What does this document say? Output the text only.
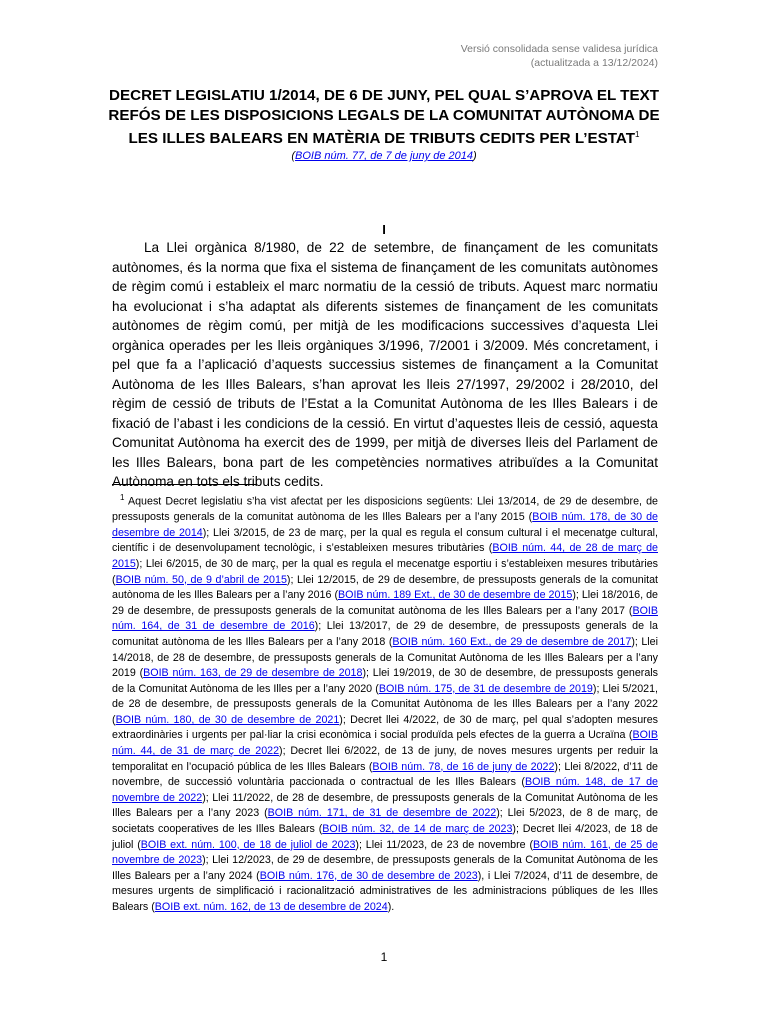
Versió consolidada sense validesa jurídica
(actualitzada a 13/12/2024)
DECRET LEGISLATIU 1/2014, DE 6 DE JUNY, PEL QUAL S’APROVA EL TEXT REFÓS DE LES DISPOSICIONS LEGALS DE LA COMUNITAT AUTÒNOMA DE LES ILLES BALEARS EN MATÈRIA DE TRIBUTS CEDITS PER L’ESTAT$^1$
(BOIB núm. 77, de 7 de juny de 2014)
I
La Llei orgànica 8/1980, de 22 de setembre, de finançament de les comunitats autònomes, és la norma que fixa el sistema de finançament de les comunitats autònomes de règim comú i estableix el marc normatiu de la cessió de tributs. Aquest marc normatiu ha evolucionat i s’ha adaptat als diferents sistemes de finançament de les comunitats autònomes de règim comú, per mitjà de les modificacions successives d’aquesta Llei orgànica operades per les lleis orgàniques 3/1996, 7/2001 i 3/2009. Més concretament, i pel que fa a l’aplicació d’aquests successius sistemes de finançament a la Comunitat Autònoma de les Illes Balears, s’han aprovat les lleis 27/1997, 29/2002 i 28/2010, del règim de cessió de tributs de l’Estat a la Comunitat Autònoma de les Illes Balears i de fixació de l’abast i les condicions de la cessió. En virtut d’aquestes lleis de cessió, aquesta Comunitat Autònoma ha exercit des de 1999, per mitjà de diverses lleis del Parlament de les Illes Balears, bona part de les competències normatives atribuïdes a la Comunitat Autònoma en tots els tributs cedits.
$^1$ Aquest Decret legislatiu s’ha vist afectat per les disposicions següents: Llei 13/2014, de 29 de desembre, de pressuposts generals de la comunitat autònoma de les Illes Balears per a l’any 2015 (BOIB núm. 178, de 30 de desembre de 2014); Llei 3/2015, de 23 de març, per la qual es regula el consum cultural i el mecenatge cultural, científic i de desenvolupament tecnològic, i s’estableixen mesures tributàries (BOIB núm. 44, de 28 de març de 2015); Llei 6/2015, de 30 de març, per la qual es regula el mecenatge esportiu i s’estableixen mesures tributàries (BOIB núm. 50, de 9 d’abril de 2015); Llei 12/2015, de 29 de desembre, de pressuposts generals de la comunitat autònoma de les Illes Balears per a l’any 2016 (BOIB núm. 189 Ext., de 30 de desembre de 2015); Llei 18/2016, de 29 de desembre, de pressuposts generals de la comunitat autònoma de les Illes Balears per a l’any 2017 (BOIB núm. 164, de 31 de desembre de 2016); Llei 13/2017, de 29 de desembre, de pressuposts generals de la comunitat autònoma de les Illes Balears per a l’any 2018 (BOIB núm. 160 Ext., de 29 de desembre de 2017); Llei 14/2018, de 28 de desembre, de pressuposts generals de la Comunitat Autònoma de les Illes Balears per a l’any 2019 (BOIB núm. 163, de 29 de desembre de 2018); Llei 19/2019, de 30 de desembre, de pressuposts generals de la Comunitat Autònoma de les Illes per a l’any 2020 (BOIB núm. 175, de 31 de desembre de 2019); Llei 5/2021, de 28 de desembre, de pressuposts generals de la Comunitat Autònoma de les Illes Balears per a l’any 2022 (BOIB núm. 180, de 30 de desembre de 2021); Decret llei 4/2022, de 30 de març, pel qual s’adopten mesures extraordinàries i urgents per pal·liar la crisi econòmica i social produïda pels efectes de la guerra a Ucraïna (BOIB núm. 44, de 31 de març de 2022); Decret llei 6/2022, de 13 de juny, de noves mesures urgents per reduir la temporalitat en l’ocupació pública de les Illes Balears (BOIB núm. 78, de 16 de juny de 2022); Llei 8/2022, d’11 de novembre, de successió voluntària paccionada o contractual de les Illes Balears (BOIB núm. 148, de 17 de novembre de 2022); Llei 11/2022, de 28 de desembre, de pressuposts generals de la Comunitat Autònoma de les Illes Balears per a l’any 2023 (BOIB núm. 171, de 31 de desembre de 2022); Llei 5/2023, de 8 de març, de societats cooperatives de les Illes Balears (BOIB núm. 32, de 14 de març de 2023); Decret llei 4/2023, de 18 de juliol (BOIB ext. núm. 100, de 18 de juliol de 2023); Llei 11/2023, de 23 de novembre (BOIB núm. 161, de 25 de novembre de 2023); Llei 12/2023, de 29 de desembre, de pressuposts generals de la Comunitat Autònoma de les Illes Balears per a l’any 2024 (BOIB núm. 176, de 30 de desembre de 2023), i Llei 7/2024, d’11 de desembre, de mesures urgents de simplificació i racionalització administratives de les administracions públiques de les Illes Balears (BOIB ext. núm. 162, de 13 de desembre de 2024).
1
